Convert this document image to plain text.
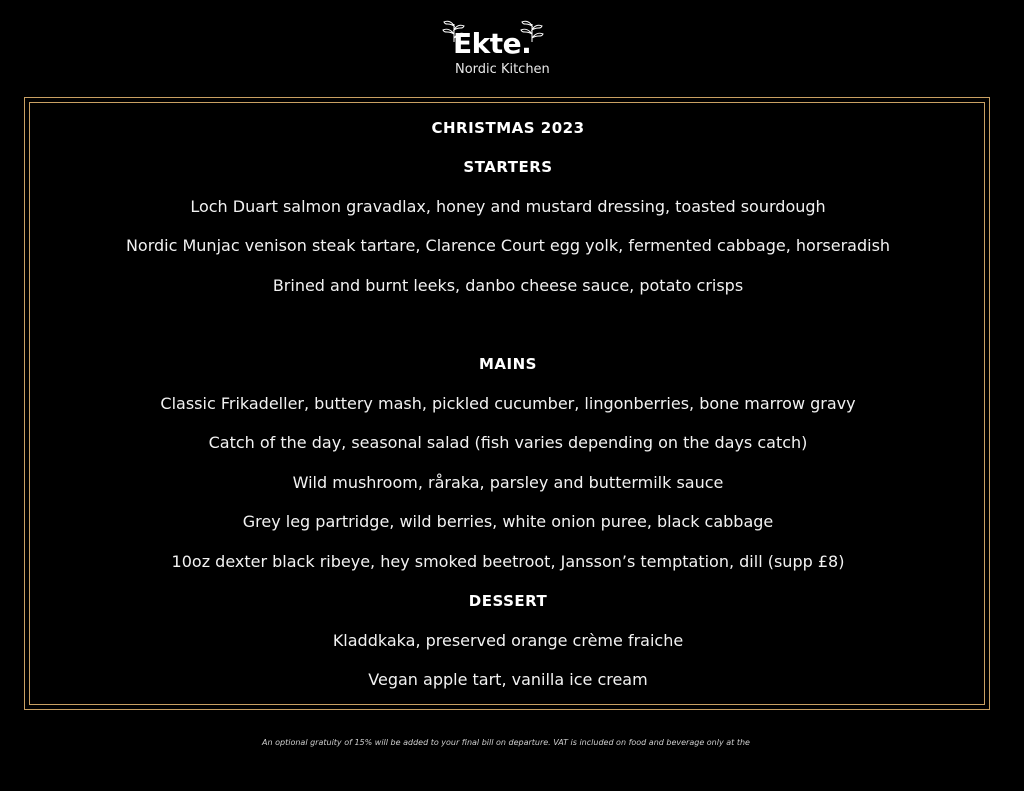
Ekte.
Nordic Kitchen
CHRISTMAS 2023
STARTERS
Loch Duart salmon gravadlax, honey and mustard dressing, toasted sourdough
Nordic Munjac venison steak tartare, Clarence Court egg yolk, fermented cabbage, horseradish
Brined and burnt leeks, danbo cheese sauce, potato crisps
MAINS
Classic Frikadeller, buttery mash, pickled cucumber, lingonberries, bone marrow gravy
Catch of the day, seasonal salad (fish varies depending on the days catch)
Wild mushroom, råraka, parsley and buttermilk sauce
Grey leg partridge, wild berries, white onion puree, black cabbage
10oz dexter black ribeye, hey smoked beetroot, Jansson’s temptation, dill (supp £8)
DESSERT
Kladdkaka, preserved orange crème fraiche
Vegan apple tart, vanilla ice cream
An optional gratuity of 15% will be added to your final bill on departure. VAT is included on food and beverage only at the
